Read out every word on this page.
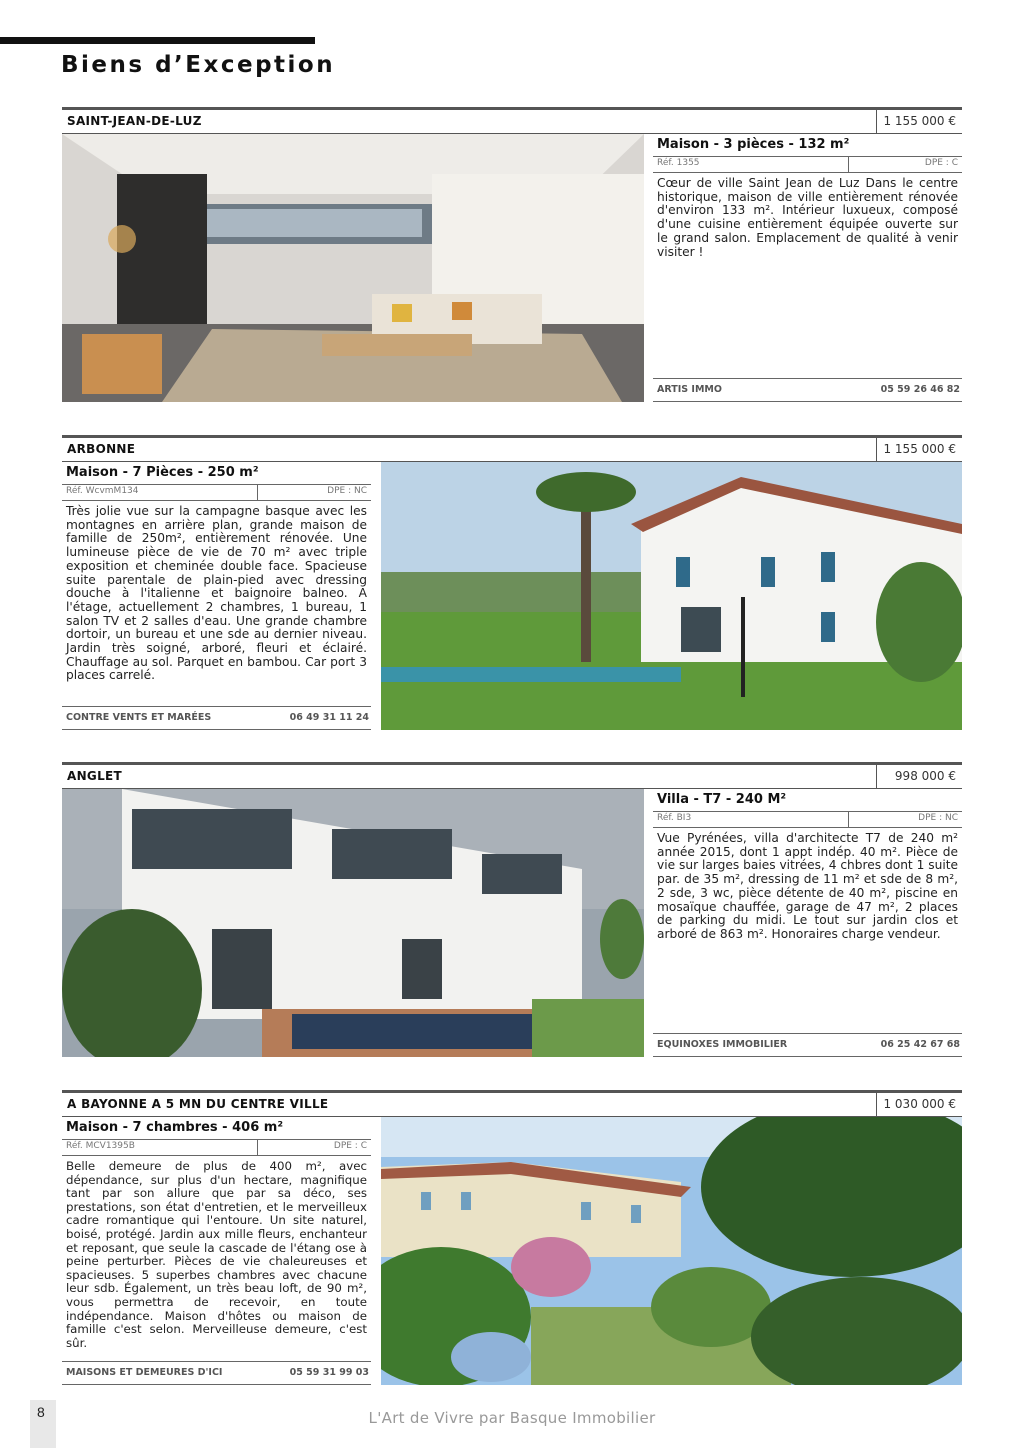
Biens d’Exception
SAINT-JEAN-DE-LUZ	1 155 000 €
Maison - 3 pièces - 132 m²
Réf. 1355	DPE : C
Cœur de ville Saint Jean de Luz Dans le centre historique, maison de ville entièrement rénovée d'environ 133 m². Intérieur luxueux, composé d'une cuisine entièrement équipée ouverte sur le grand salon. Emplacement de qualité à venir visiter !
ARTIS IMMO	05 59 26 46 82
ARBONNE	1 155 000 €
Maison - 7 Pièces - 250 m²
Réf. WcvmM134	DPE : NC
Très jolie vue sur la campagne basque avec les montagnes en arrière plan, grande maison de famille de 250m², entièrement rénovée. Une lumineuse pièce de vie de 70 m² avec triple exposition et cheminée double face. Spacieuse suite parentale de plain-pied avec dressing douche à l'italienne et baignoire balneo. A l'étage, actuellement 2 chambres, 1 bureau, 1 salon TV et 2 salles d'eau. Une grande chambre dortoir, un bureau et une sde au dernier niveau. Jardin très soigné, arboré, fleuri et éclairé. Chauffage au sol. Parquet en bambou. Car port 3 places carrelé.
CONTRE VENTS ET MARÉES	06 49 31 11 24
ANGLET	998 000 €
Villa - T7 - 240 M²
Réf. BI3	DPE : NC
Vue Pyrénées, villa d'architecte T7 de 240 m² année 2015, dont 1 appt indép. 40 m². Pièce de vie sur larges baies vitrées, 4 chbres dont 1 suite par. de 35 m², dressing de 11 m² et sde de 8 m², 2 sde, 3 wc, pièce détente de 40 m², piscine en mosaïque chauffée, garage de 47 m², 2 places de parking du midi. Le tout sur jardin clos et arboré de 863 m². Honoraires charge vendeur.
EQUINOXES IMMOBILIER	06 25 42 67 68
A BAYONNE A 5 MN DU CENTRE VILLE	1 030 000 €
Maison - 7 chambres - 406 m²
Réf. MCV1395B	DPE : C
Belle demeure de plus de 400 m², avec dépendance, sur plus d'un hectare, magnifique tant par son allure que par sa déco, ses prestations, son état d'entretien, et le merveilleux cadre romantique qui l'entoure. Un site naturel, boisé, protégé. Jardin aux mille fleurs, enchanteur et reposant, que seule la cascade de l'étang ose à peine perturber. Pièces de vie chaleureuses et spacieuses. 5 superbes chambres avec chacune leur sdb. Également, un très beau loft, de 90 m², vous permettra de recevoir, en toute indépendance. Maison d'hôtes ou maison de famille c'est selon. Merveilleuse demeure, c'est sûr.
MAISONS ET DEMEURES D'ICI	05 59 31 99 03
8	L'Art de Vivre par Basque Immobilier
